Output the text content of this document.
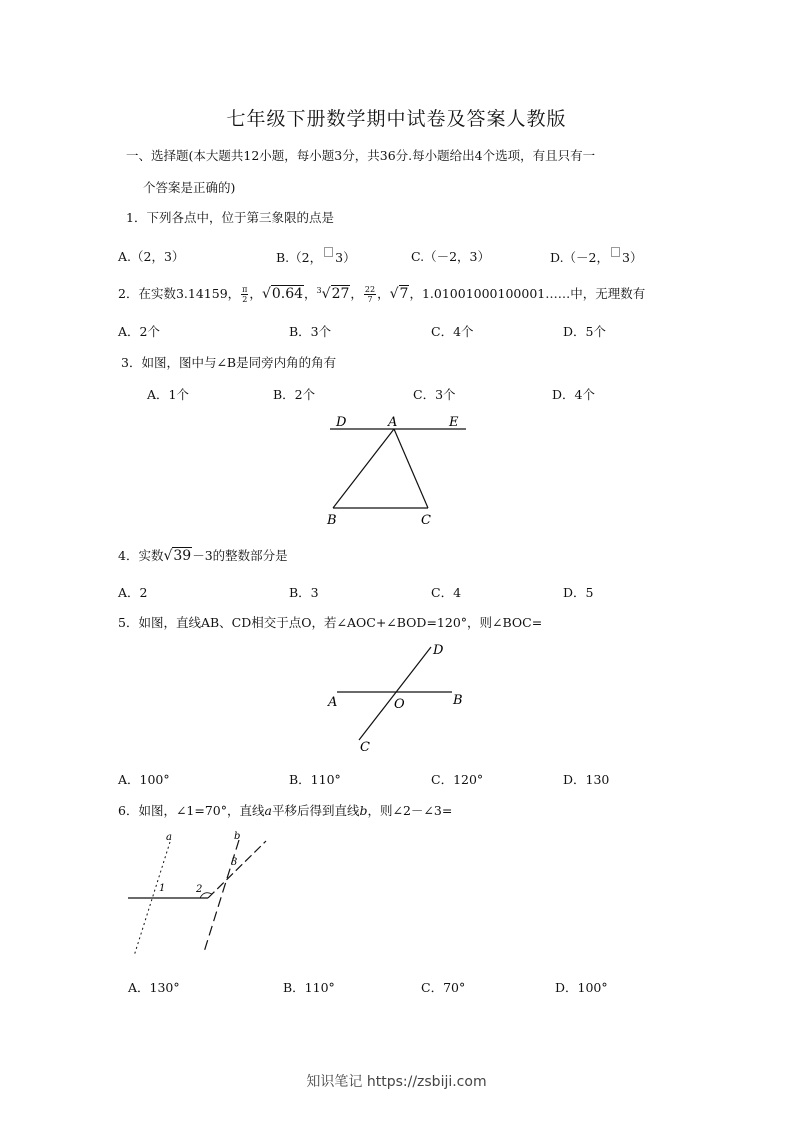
七年级下册数学期中试卷及答案人教版
一、选择题(本大题共12小题，每小题3分，共36分.每小题给出4个选项，有且只有一
个答案是正确的)
1．下列各点中，位于第三象限的点是
A.（2，3）	B.（2， 3）	C.（－2，3）	D.（－2， 3）
2．在实数3.14159， $\frac{\pi}{2}$ ，√0.64，$^3$√27， $\frac{22}{7}$ ，√7，1.01001000100001……中，无理数有
A．2个	B．3个	C．4个	D．5个
3．如图，图中与∠B是同旁内角的角有
A．1个	B．2个	C．3个	D．4个
D	A	E
B	C
4．实数√39－3的整数部分是
A．2	B．3	C．4	D．5
5．如图，直线AB、CD相交于点O，若∠AOC+∠BOD=120°，则∠BOC=
D
A	O	B
C
A．100°	B．110°	C．120°	D．130
6．如图，∠1=70°，直线a平移后得到直线b，则∠2－∠3=
a	b
1	2
3
A．130°	B．110°	C．70°	D．100°
知识笔记 https://zsbiji.com
